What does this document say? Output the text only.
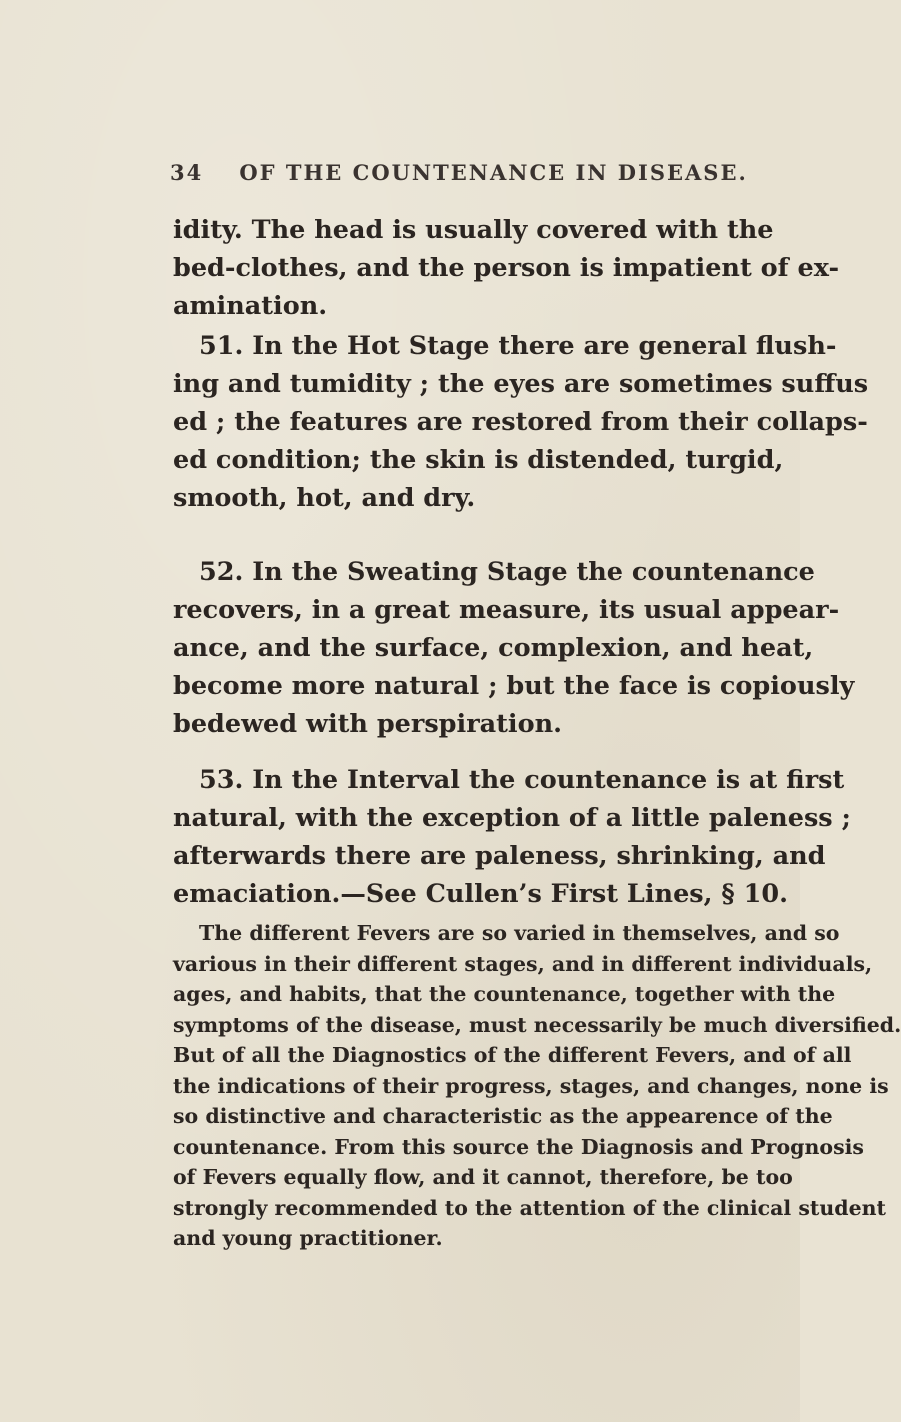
34 OF THE COUNTENANCE IN DISEASE.
idity. The head is usually covered with the
bed-clothes, and the person is impatient of ex-
amination.
51. In the Hot Stage there are general flush-
ing and tumidity ; the eyes are sometimes suffus
ed ; the features are restored from their collaps-
ed condition; the skin is distended, turgid,
smooth, hot, and dry.
52. In the Sweating Stage the countenance
recovers, in a great measure, its usual appear-
ance, and the surface, complexion, and heat,
become more natural ; but the face is copiously
bedewed with perspiration.
53. In the Interval the countenance is at first
natural, with the exception of a little paleness ;
afterwards there are paleness, shrinking, and
emaciation.—See Cullen’s First Lines, § 10.
The different Fevers are so varied in themselves, and so
various in their different stages, and in different individuals,
ages, and habits, that the countenance, together with the
symptoms of the disease, must necessarily be much diversified.
But of all the Diagnostics of the different Fevers, and of all
the indications of their progress, stages, and changes, none is
so distinctive and characteristic as the appearence of the
countenance. From this source the Diagnosis and Prognosis
of Fevers equally flow, and it cannot, therefore, be too
strongly recommended to the attention of the clinical student
and young practitioner.
